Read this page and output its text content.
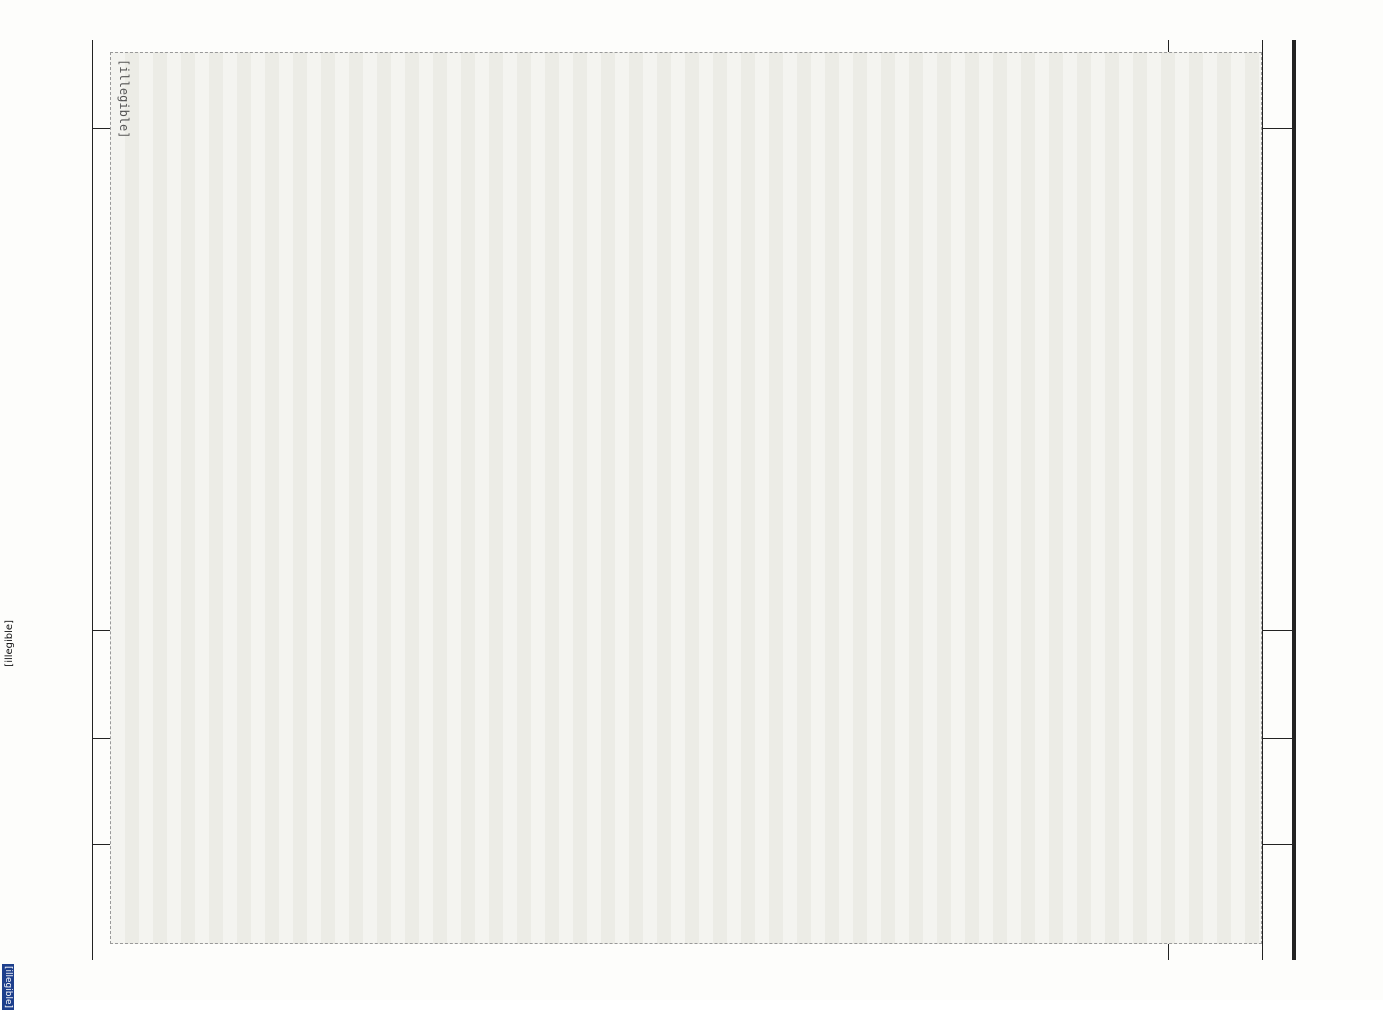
[illegible]
[illegible]
[illegible]
